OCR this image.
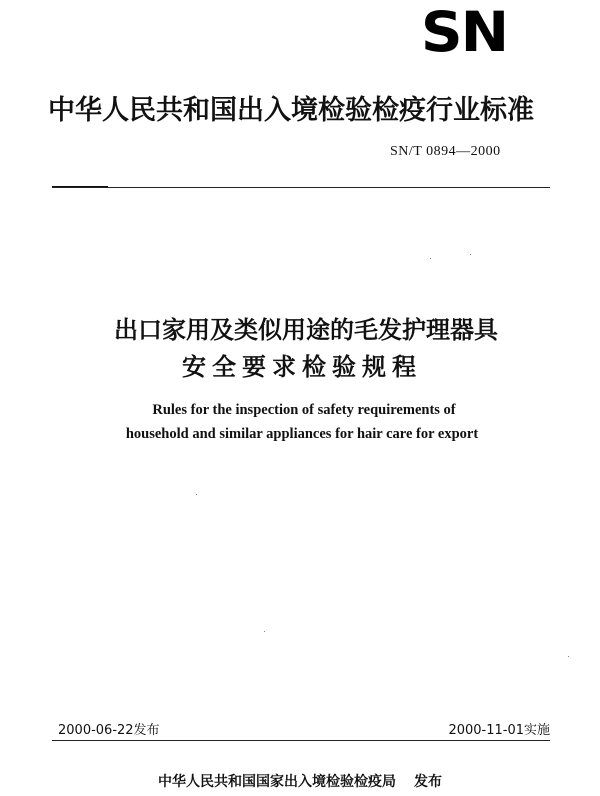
SN
中华人民共和国出入境检验检疫行业标准
SN/T 0894—2000
出口家用及类似用途的毛发护理器具
安全要求检验规程
Rules for the inspection of safety requirements of
household and similar appliances for hair care for export
2000-06-22发布	2000-11-01实施
中华人民共和国国家出入境检验检疫局 发布
